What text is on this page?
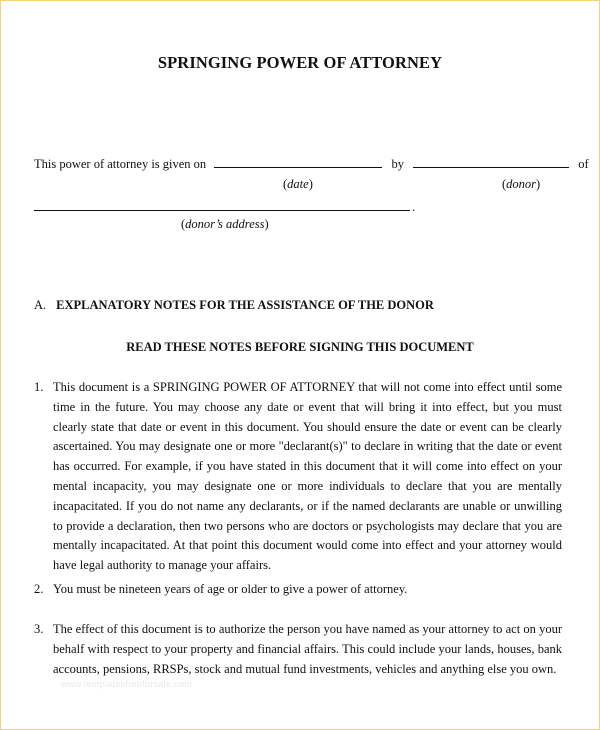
SPRINGING POWER OF ATTORNEY
This power of attorney is given on	by	of
(date)	(donor)
.
(donor’s address)
A. EXPLANATORY NOTES FOR THE ASSISTANCE OF THE DONOR
READ THESE NOTES BEFORE SIGNING THIS DOCUMENT
1. This document is a SPRINGING POWER OF ATTORNEY that will not come into effect until some time in the future. You may choose any date or event that will bring it into effect, but you must clearly state that date or event in this document. You should ensure the date or event can be clearly ascertained. You may designate one or more "declarant(s)" to declare in writing that the date or event has occurred. For example, if you have stated in this document that it will come into effect on your mental incapacity, you may designate one or more individuals to declare that you are mentally incapacitated. If you do not name any declarants, or if the named declarants are unable or unwilling to provide a declaration, then two persons who are doctors or psychologists may declare that you are mentally incapacitated. At that point this document would come into effect and your attorney would have legal authority to manage your affairs.
2. You must be nineteen years of age or older to give a power of attorney.
3. The effect of this document is to authorize the person you have named as your attorney to act on your behalf with respect to your property and financial affairs. This could include your lands, houses, bank accounts, pensions, RRSPs, stock and mutual fund investments, vehicles and anything else you own.
www.templatesfreeforsale.com
